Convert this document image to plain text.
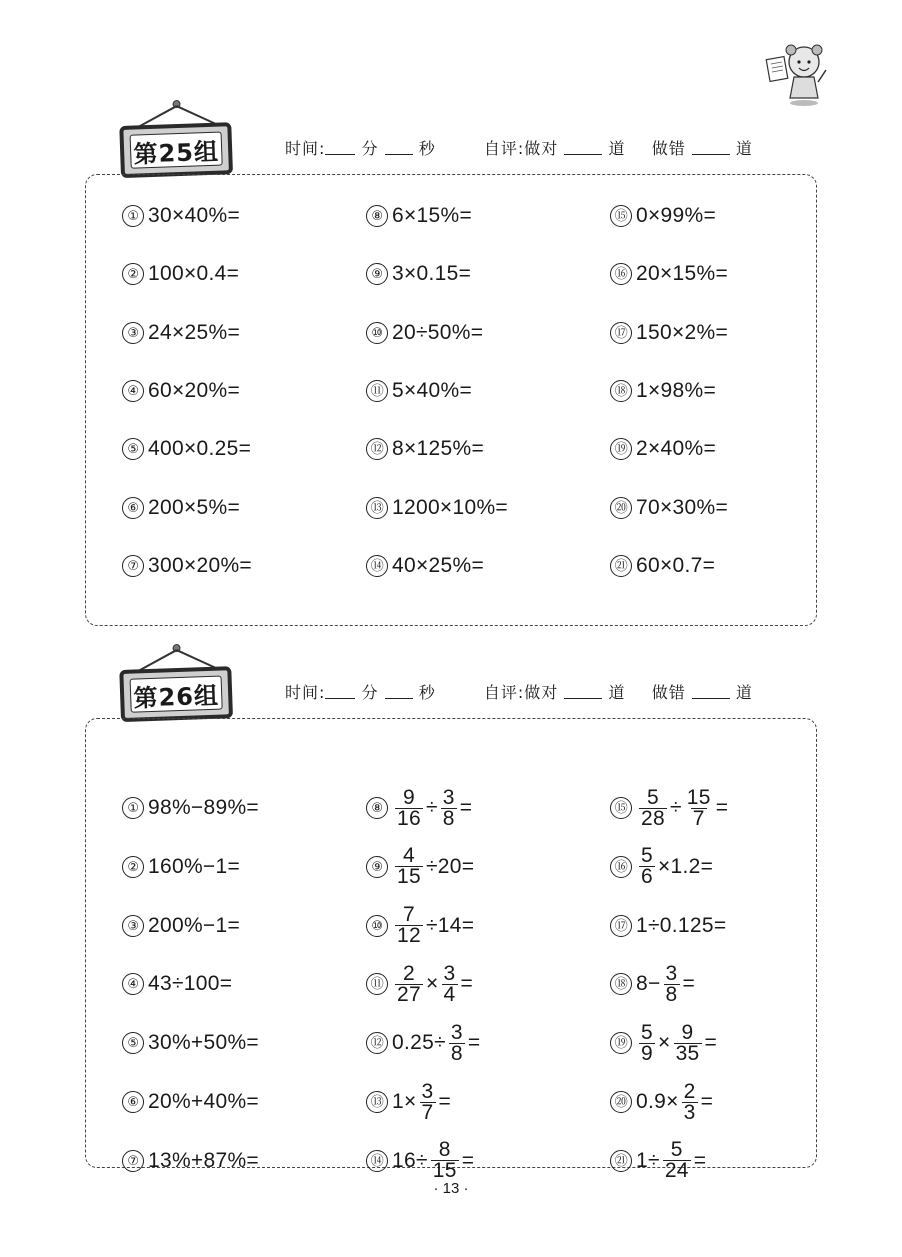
第25组	时间: 分	秒	自评:做对	道 做错	道
① 30×40%=
② 100×0.4=
③ 24×25%=
④ 60×20%=
⑤ 400×0.25=
⑥ 200×5%=
⑦ 300×20%=
⑧ 6×15%=
⑨ 3×0.15=
⑩ 20÷50%=
⑪ 5×40%=
⑫ 8×125%=
⑬ 1200×10%=
⑭ 40×25%=
⑮ 0×99%=
⑯ 20×15%=
⑰ 150×2%=
⑱ 1×98%=
⑲ 2×40%=
⑳ 70×30%=
㉑ 60×0.7=
第26组	时间: 分	秒	自评:做对	道 做错	道
① 98%−89%=
② 160%−1=
③ 200%−1=
④ 43÷100=
⑤ 30%+50%=
⑥ 20%+40%=
⑦ 13%+87%=
⑧ $\frac{9}{16} \div \frac{3}{8}$ =
⑨ $\frac{4}{15} \div 20=$
⑩ $\frac{7}{12} \div 14=$
⑪ $\frac{2}{27} \times \frac{3}{4}$ =
⑫ $0.25\div \frac{3}{8}$ =
⑬ $1\times \frac{3}{7}$ =
⑭ $16\div \frac{8}{15}$ =
⑮ $\frac{5}{28} \div \frac{15}{7}$ =
⑯ $\frac{5}{6} \times 1.2=$
⑰ 1÷0.125=
⑱ $8- \frac{3}{8}$ =
⑲ $\frac{5}{9} \times \frac{9}{35}$ =
⑳ $0.9\times \frac{2}{3}$ =
㉑ $1\div \frac{5}{24}$ =
· 13 ·
